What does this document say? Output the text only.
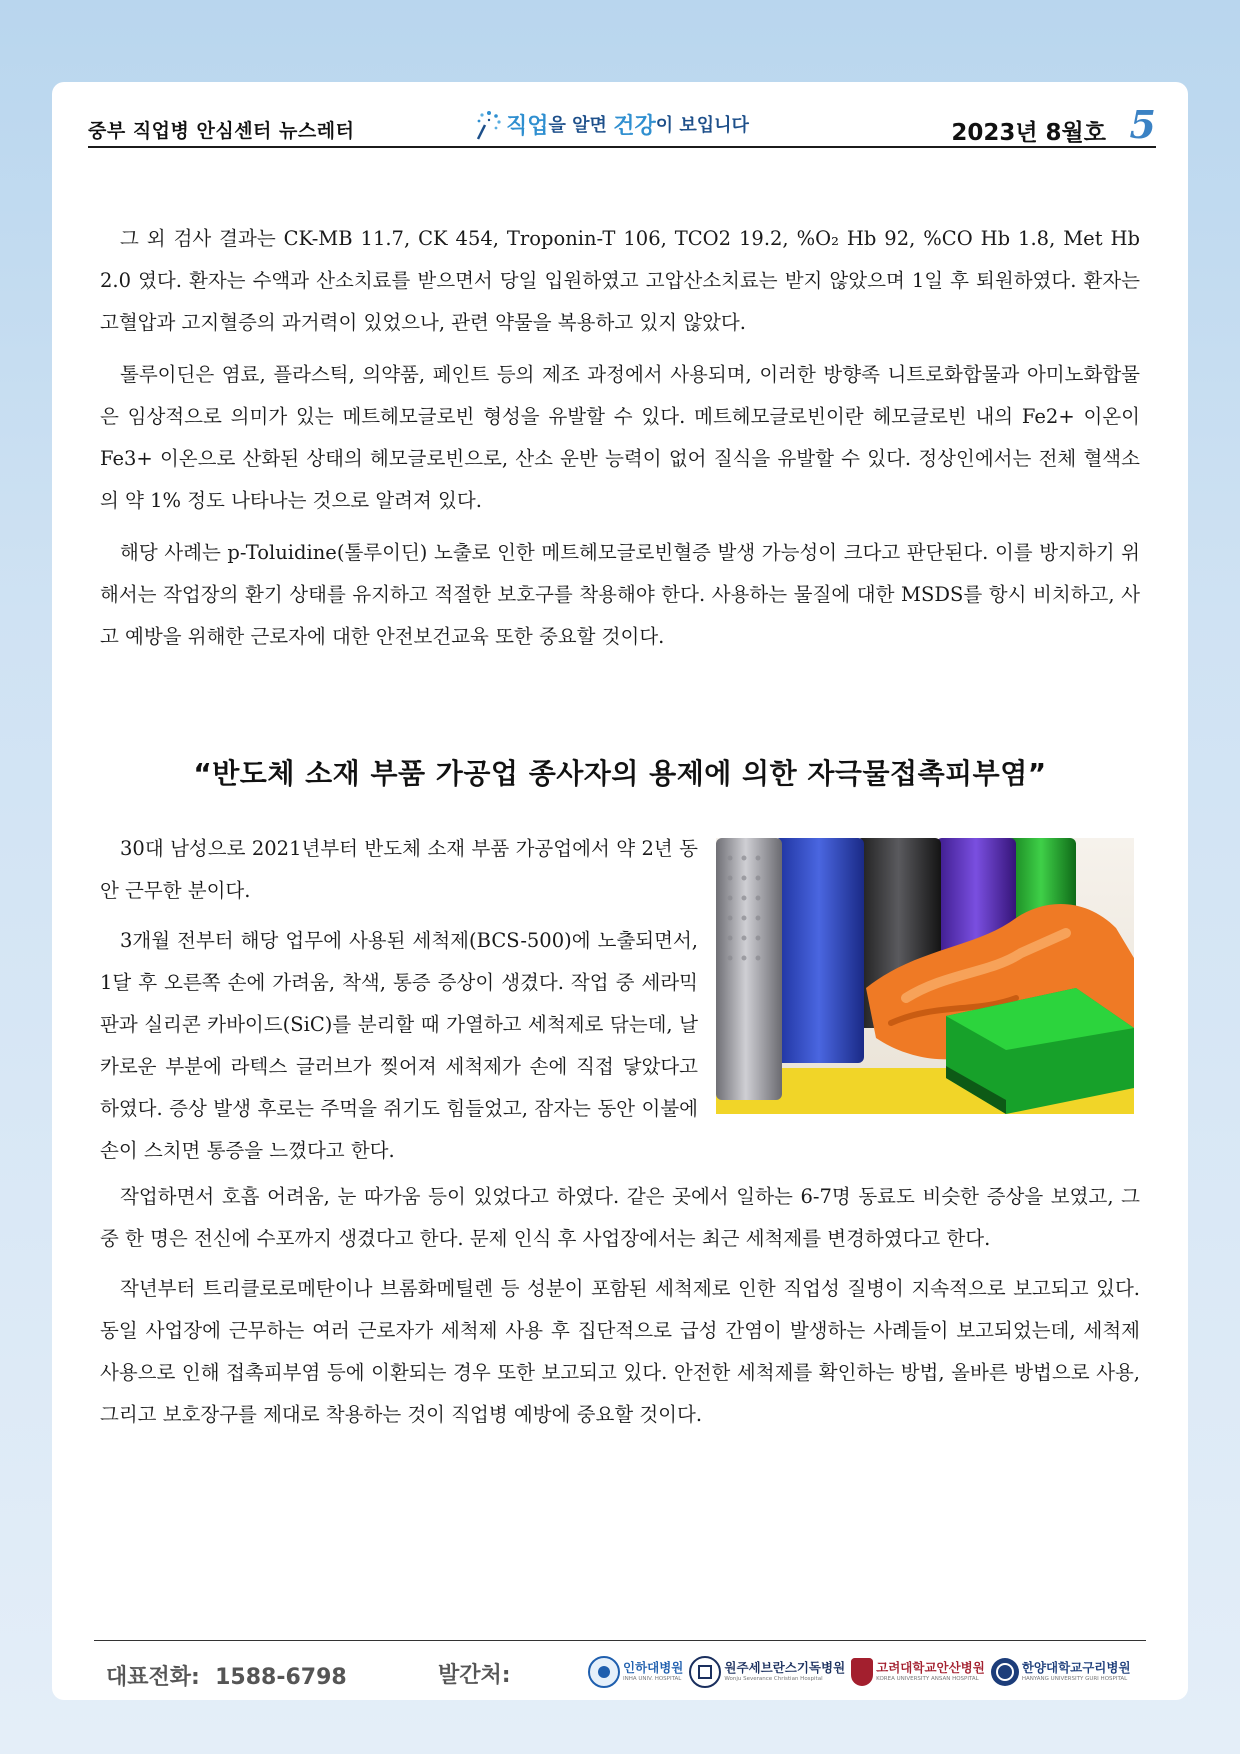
중부 직업병 안심센터 뉴스레터	직업 을 알면 건강 이 보입니다	2023년 8월호 5

그 외 검사 결과는 CK-MB 11.7, CK 454, Troponin-T 106, TCO2 19.2, %O₂ Hb 92, %CO Hb 1.8, Met Hb 2.0 였다. 환자는 수액과 산소치료를 받으면서 당일 입원하였고 고압산소치료는 받지 않았으며 1일 후 퇴원하였다. 환자는 고혈압과 고지혈증의 과거력이 있었으나, 관련 약물을 복용하고 있지 않았다.

톨루이딘은 염료, 플라스틱, 의약품, 페인트 등의 제조 과정에서 사용되며, 이러한 방향족 니트로화합물과 아미노화합물은 임상적으로 의미가 있는 메트헤모글로빈 형성을 유발할 수 있다. 메트헤모글로빈이란 헤모글로빈 내의 Fe2+ 이온이 Fe3+ 이온으로 산화된 상태의 헤모글로빈으로, 산소 운반 능력이 없어 질식을 유발할 수 있다. 정상인에서는 전체 혈색소의 약 1% 정도 나타나는 것으로 알려져 있다.

해당 사례는 p-Toluidine(톨루이딘) 노출로 인한 메트헤모글로빈혈증 발생 가능성이 크다고 판단된다. 이를 방지하기 위해서는 작업장의 환기 상태를 유지하고 적절한 보호구를 착용해야 한다. 사용하는 물질에 대한 MSDS를 항시 비치하고, 사고 예방을 위해한 근로자에 대한 안전보건교육 또한 중요할 것이다.

“반도체 소재 부품 가공업 종사자의 용제에 의한 자극물접촉피부염”

30대 남성으로 2021년부터 반도체 소재 부품 가공업에서 약 2년 동안 근무한 분이다.

3개월 전부터 해당 업무에 사용된 세척제(BCS-500)에 노출되면서, 1달 후 오른쪽 손에 가려움, 착색, 통증 증상이 생겼다. 작업 중 세라믹 판과 실리콘 카바이드(SiC)를 분리할 때 가열하고 세척제로 닦는데, 날카로운 부분에 라텍스 글러브가 찢어져 세척제가 손에 직접 닿았다고 하였다. 증상 발생 후로는 주먹을 쥐기도 힘들었고, 잠자는 동안 이불에 손이 스치면 통증을 느꼈다고 한다.

작업하면서 호흡 어려움, 눈 따가움 등이 있었다고 하였다. 같은 곳에서 일하는 6-7명 동료도 비슷한 증상을 보였고, 그 중 한 명은 전신에 수포까지 생겼다고 한다. 문제 인식 후 사업장에서는 최근 세척제를 변경하였다고 한다.

작년부터 트리클로로메탄이나 브롬화메틸렌 등 성분이 포함된 세척제로 인한 직업성 질병이 지속적으로 보고되고 있다. 동일 사업장에 근무하는 여러 근로자가 세척제 사용 후 집단적으로 급성 간염이 발생하는 사례들이 보고되었는데, 세척제 사용으로 인해 접촉피부염 등에 이환되는 경우 또한 보고되고 있다. 안전한 세척제를 확인하는 방법, 올바른 방법으로 사용, 그리고 보호장구를 제대로 착용하는 것이 직업병 예방에 중요할 것이다.

대표전화:  1588-6798	발간처:	인하대병원
INHA UNIV. HOSPITAL
원주세브란스기독병원
Wonju Severance Christian Hospital
고려대학교안산병원
KOREA UNIVERSITY ANSAN HOSPITAL
한양대학교구리병원
HANYANG UNIVERSITY GURI HOSPITAL
